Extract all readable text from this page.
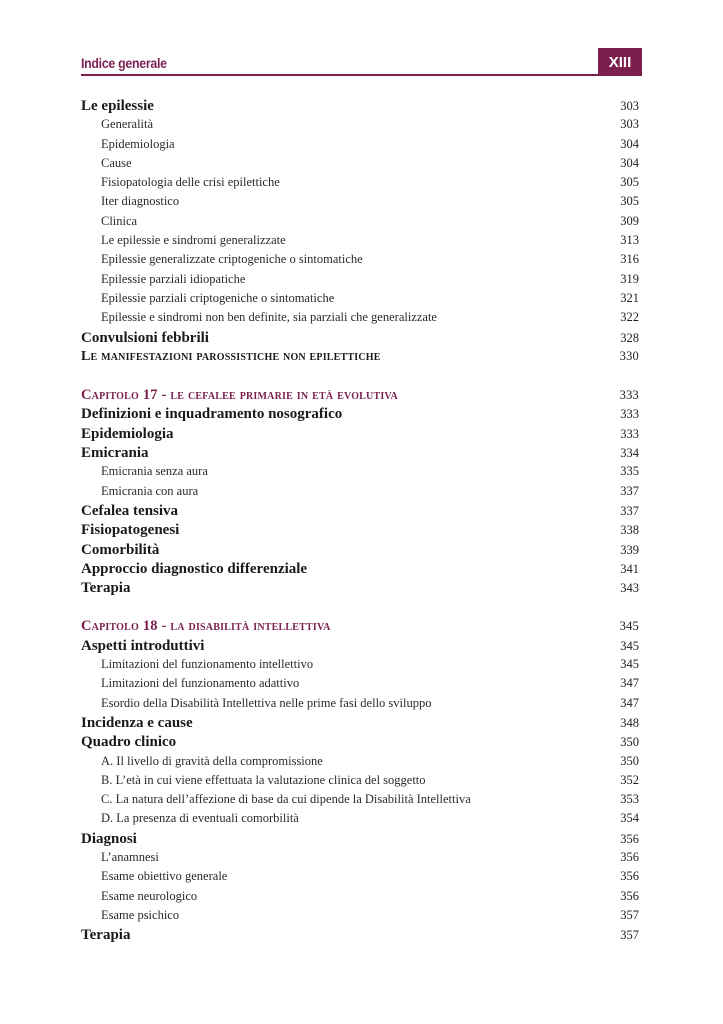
Indice generale	XIII
Le epilessie	303
Generalità	303
Epidemiologia	304
Cause	304
Fisiopatologia delle crisi epilettiche	305
Iter diagnostico	305
Clinica	309
Le epilessie e sindromi generalizzate	313
Epilessie generalizzate criptogeniche o sintomatiche	316
Epilessie parziali idiopatiche	319
Epilessie parziali criptogeniche o sintomatiche	321
Epilessie e sindromi non ben definite, sia parziali che generalizzate	322
Convulsioni febbrili	328
Le manifestazioni parossistiche non epilettiche	330
Capitolo 17 - le cefalee primarie in età evolutiva	333
Definizioni e inquadramento nosografico	333
Epidemiologia	333
Emicrania	334
Emicrania senza aura	335
Emicrania con aura	337
Cefalea tensiva	337
Fisiopatogenesi	338
Comorbilità	339
Approccio diagnostico differenziale	341
Terapia	343
Capitolo 18 - la disabilità intellettiva	345
Aspetti introduttivi	345
Limitazioni del funzionamento intellettivo	345
Limitazioni del funzionamento adattivo	347
Esordio della Disabilità Intellettiva nelle prime fasi dello sviluppo	347
Incidenza e cause	348
Quadro clinico	350
A. Il livello di gravità della compromissione	350
B. L’età in cui viene effettuata la valutazione clinica del soggetto	352
C. La natura dell’affezione di base da cui dipende la Disabilità Intellettiva	353
D. La presenza di eventuali comorbilità	354
Diagnosi	356
L’anamnesi	356
Esame obiettivo generale	356
Esame neurologico	356
Esame psichico	357
Terapia	357
